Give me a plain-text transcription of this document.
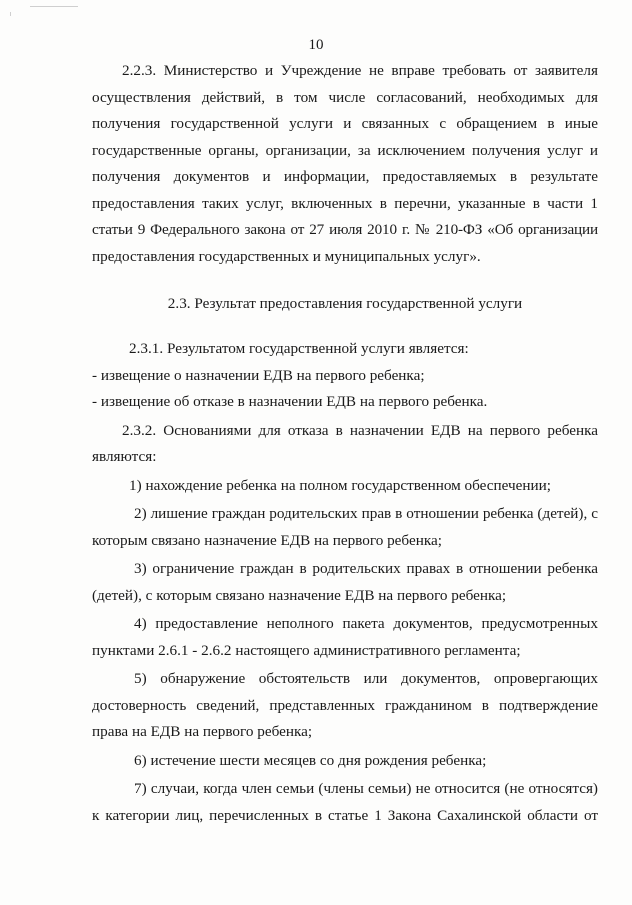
10
2.2.3. Министерство и Учреждение не вправе требовать от заявителя
осуществления действий, в том числе согласований, необходимых для
получения государственной услуги и связанных с обращением в иные
государственные органы, организации, за исключением получения услуг и
получения документов и информации, предоставляемых в результате
предоставления таких услуг, включенных в перечни, указанные в части 1
статьи 9 Федерального закона от 27 июля 2010 г. № 210-ФЗ «Об организации
предоставления государственных и муниципальных услуг».
2.3. Результат предоставления государственной услуги
2.3.1. Результатом государственной услуги является:
- извещение о назначении ЕДВ на первого ребенка;
- извещение об отказе в назначении ЕДВ на первого ребенка.
2.3.2. Основаниями для отказа в назначении ЕДВ на первого ребенка
являются:
1) нахождение ребенка на полном государственном обеспечении;
2) лишение граждан родительских прав в отношении ребенка (детей), с
которым связано назначение ЕДВ на первого ребенка;
3) ограничение граждан в родительских правах в отношении ребенка
(детей), с которым связано назначение ЕДВ на первого ребенка;
4) предоставление неполного пакета документов, предусмотренных
пунктами 2.6.1 - 2.6.2 настоящего административного регламента;
5) обнаружение обстоятельств или документов, опровергающих
достоверность сведений, представленных гражданином в подтверждение
права на ЕДВ на первого ребенка;
6) истечение шести месяцев со дня рождения ребенка;
7) случаи, когда член семьи (члены семьи) не относится (не относятся)
к категории лиц, перечисленных в статье 1 Закона Сахалинской области от
